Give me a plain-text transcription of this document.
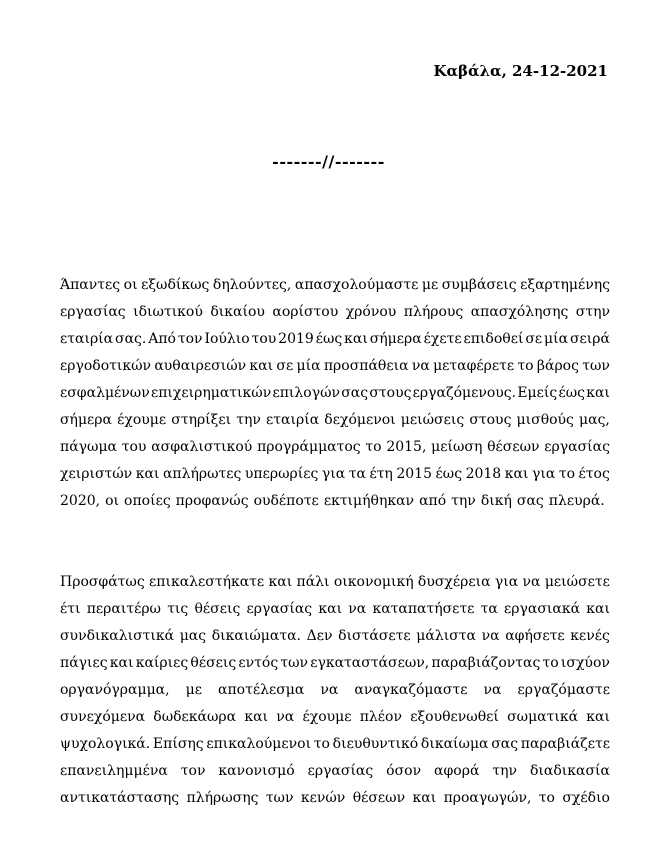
Καβάλα, 24-12-2021

-------//-------

Άπαντες οι εξωδίκως δηλούντες, απασχολούμαστε με συμβάσεις εξαρτημένης
εργασίας ιδιωτικού δικαίου αορίστου χρόνου πλήρους απασχόλησης στην
εταιρία σας. Από τον Ιούλιο του 2019 έως και σήμερα έχετε επιδοθεί σε μία σειρά
εργοδοτικών αυθαιρεσιών και σε μία προσπάθεια να μεταφέρετε το βάρος των
εσφαλμένων επιχειρηματικών επιλογών σας στους εργαζόμενους. Εμείς έως και
σήμερα έχουμε στηρίξει την εταιρία δεχόμενοι μειώσεις στους μισθούς μας,
πάγωμα του ασφαλιστικού προγράμματος το 2015, μείωση θέσεων εργασίας
χειριστών και απλήρωτες υπερωρίες για τα έτη 2015 έως 2018 και για το έτος
2020, οι οποίες προφανώς ουδέποτε εκτιμήθηκαν από την δική σας πλευρά.
Προσφάτως επικαλεστήκατε και πάλι οικονομική δυσχέρεια για να μειώσετε
έτι περαιτέρω τις θέσεις εργασίας και να καταπατήσετε τα εργασιακά και
συνδικαλιστικά μας δικαιώματα. Δεν διστάσετε μάλιστα να αφήσετε κενές
πάγιες και καίριες θέσεις εντός των εγκαταστάσεων, παραβιάζοντας το ισχύον
οργανόγραμμα, με αποτέλεσμα να αναγκαζόμαστε να εργαζόμαστε
συνεχόμενα δωδεκάωρα και να έχουμε πλέον εξουθενωθεί σωματικά και
ψυχολογικά. Επίσης επικαλούμενοι το διευθυντικό δικαίωμα σας παραβιάζετε
επανειλημμένα τον κανονισμό εργασίας όσον αφορά την διαδικασία
αντικατάστασης πλήρωσης των κενών θέσεων και προαγωγών, το σχέδιο
